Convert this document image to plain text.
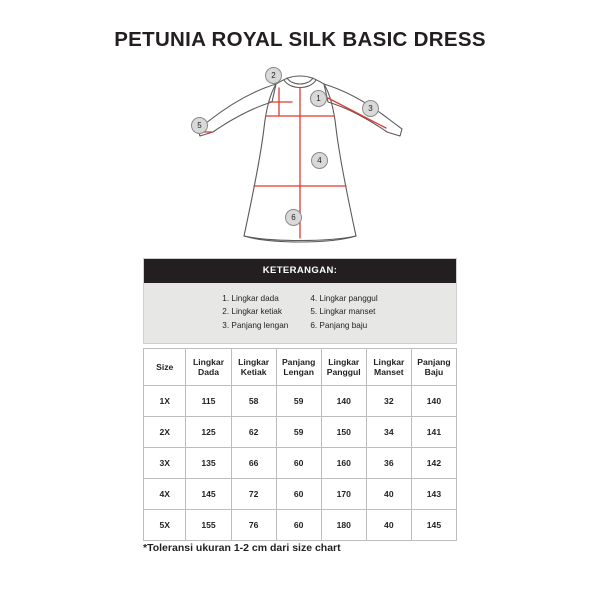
PETUNIA ROYAL SILK BASIC DRESS
1
2
3
4
5
6
KETERANGAN:
1. Lingkar dada
2. Lingkar ketiak
3. Panjang lengan
4. Lingkar panggul
5. Lingkar manset
6. Panjang baju
Size	Lingkar Dada	Lingkar Ketiak	Panjang Lengan	Lingkar Panggul	Lingkar Manset	Panjang Baju
1X	115	58	59	140	32	140
2X	125	62	59	150	34	141
3X	135	66	60	160	36	142
4X	145	72	60	170	40	143
5X	155	76	60	180	40	145
*Toleransi ukuran 1-2 cm dari size chart
